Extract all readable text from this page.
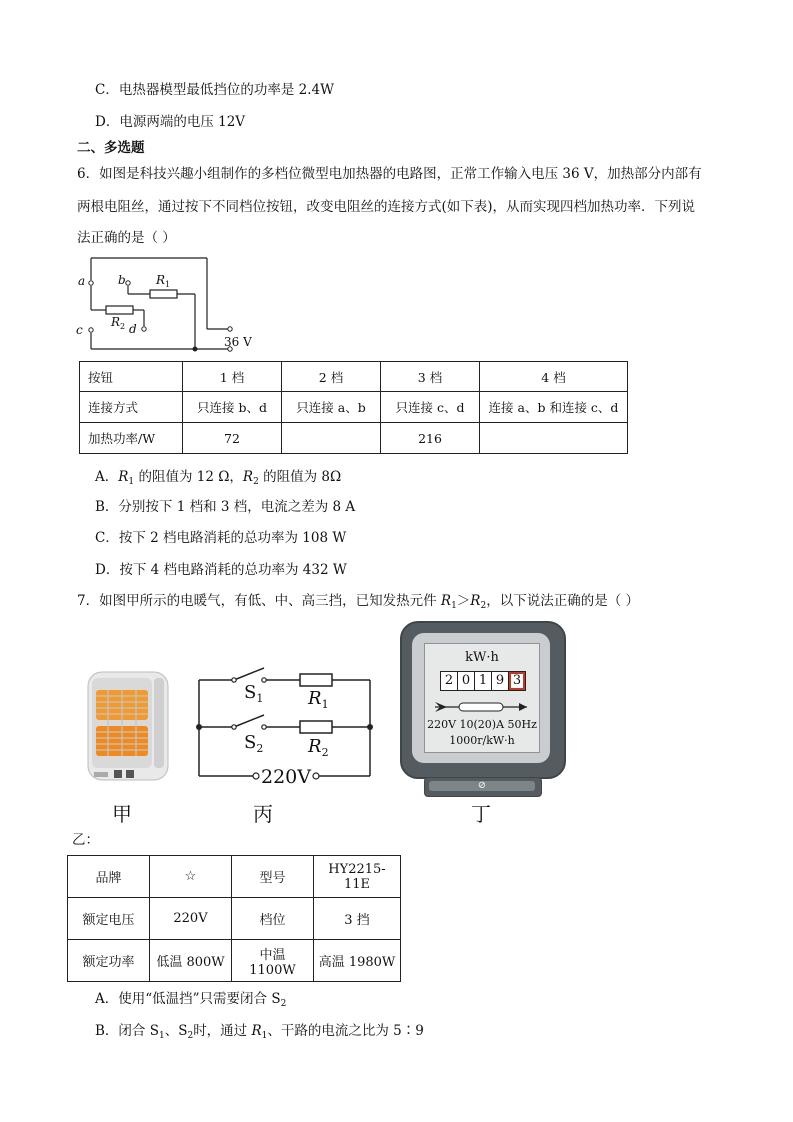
C．电热器模型最低挡位的功率是 2.4W
D．电源两端的电压 12V
二、多选题
6．如图是科技兴趣小组制作的多档位微型电加热器的电路图，正常工作输入电压 36 V，加热部分内部有
两根电阻丝，通过按下不同档位按钮，改变电阻丝的连接方式(如下表)，从而实现四档加热功率．下列说
法正确的是（ ）
a	b
c	d
$R_1$
$R_2$
36 V
按钮	1 档	2 档	3 档	4 档
连接方式	只连接 b、d	只连接 a、b	只连接 c、d	连接 a、b 和连接 c、d
加热功率/W	72		216	
A．$R_1$ 的阻值为 12 Ω，$R_2$ 的阻值为 8Ω
B．分别按下 1 档和 3 档，电流之差为 8 A
C．按下 2 档电路消耗的总功率为 108 W
D．按下 4 档电路消耗的总功率为 432 W
7．如图甲所示的电暖气，有低、中、高三挡，已知发热元件 $R_1>R_2$，以下说法正确的是（ ）
甲
$S_1$
$S_2$
$R_1$
$R_2$
220V
丙
kW·h
2 0 1 9 3
220V 10(20)A 50Hz
1000r/kW·h
⊘
丁
乙：
品牌	☆	型号	HY2215-11E
额定电压	220V	档位	3 挡
额定功率	低温 800W	中温 1100W	高温 1980W
A．使用“低温挡”只需要闭合 $S_2$
B．闭合 $S_1$、$S_2$时，通过 $R_1$、干路的电流之比为 5∶9
